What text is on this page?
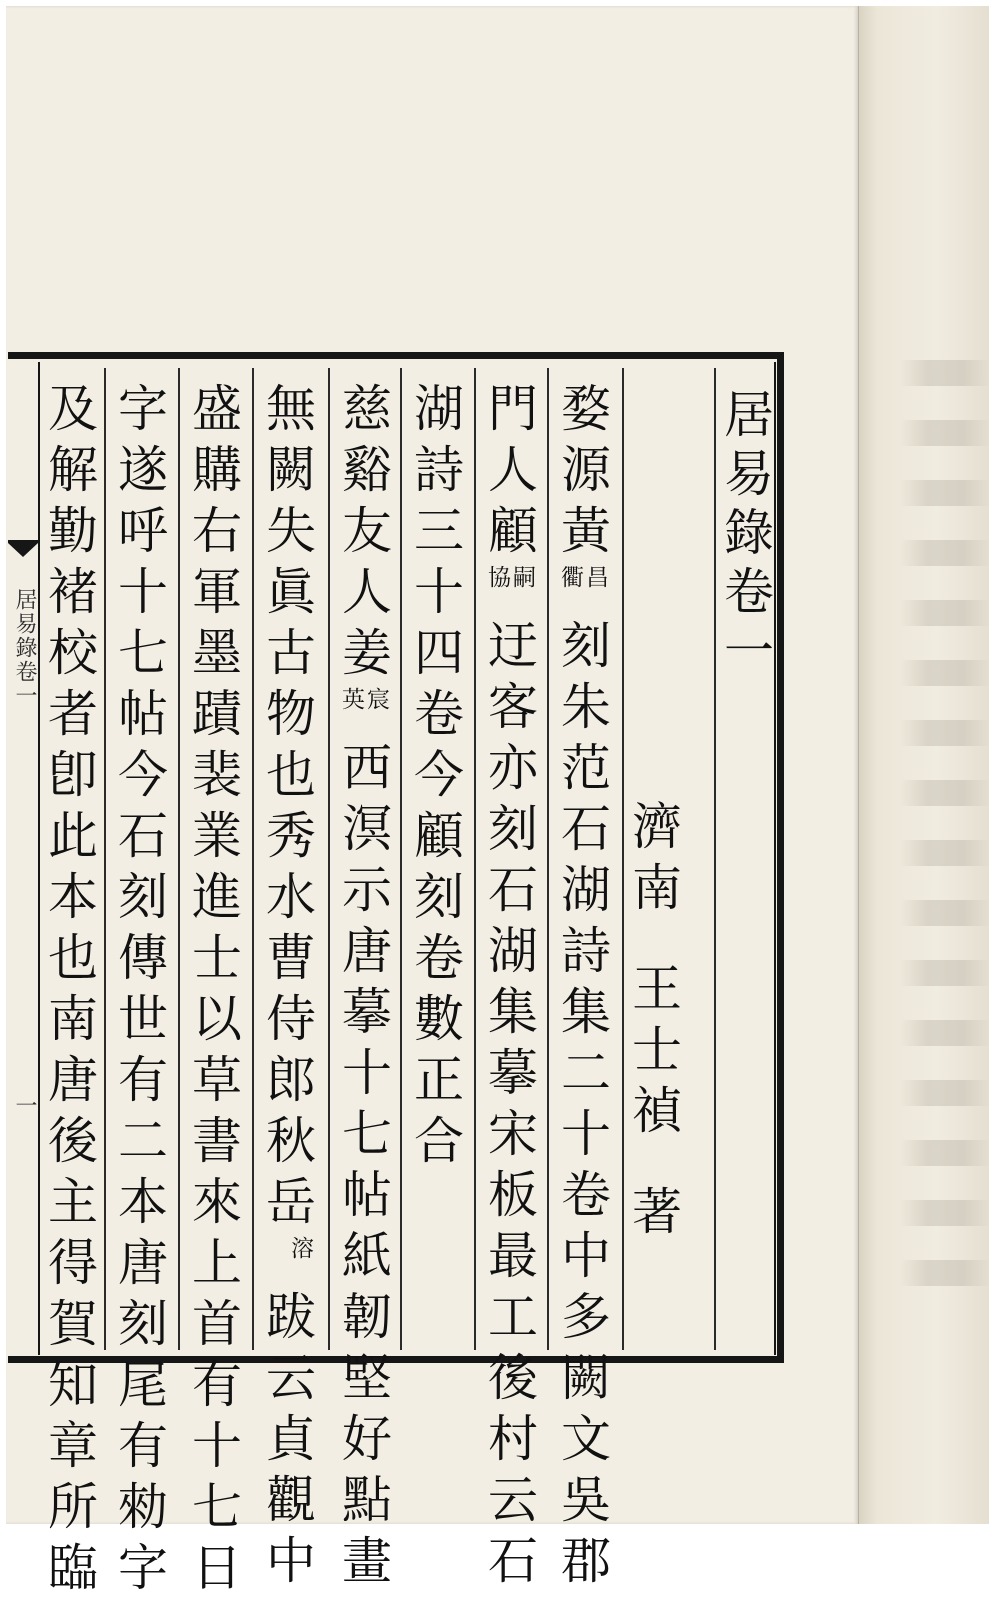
居易錄卷一
一
居易錄卷一
濟南王士禎著
婺源黃
昌
衢
刻朱范石湖詩集二十卷中多闕文吳郡
門人顧
嗣
協
迂客亦刻石湖集摹宋板最工後村云石
湖詩三十四卷今顧刻卷數正合
慈谿友人姜
宸
英
西溟示唐摹十七帖紙韌堅好點畫
無闕失眞古物也秀水曹侍郎秋岳
溶
跋云貞觀中
盛購右軍墨蹟裴業進士以草書來上首有十七日
字遂呼十七帖今石刻傳世有二本唐刻尾有勑字
及解勤褚校者卽此本也南唐後主得賀知章所臨
